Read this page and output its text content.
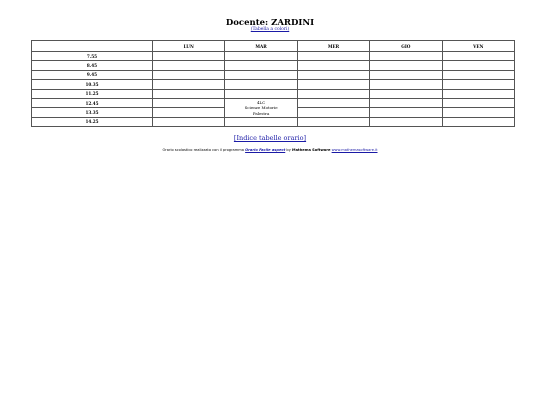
Docente: ZARDINI
(Tabella a colori)
	LUN	MAR	MER	GIO	VEN
7.55					
8.45					
9.45					
10.35					
11.25					
12.45		4LC
Scienze Motorie
Palestra			

13.35					
14.25					
[Indice tabelle orario]
Orario scolastico realizzato con il programma Orario Facile aspect by Mathema Software www.mathemasoftware.it
